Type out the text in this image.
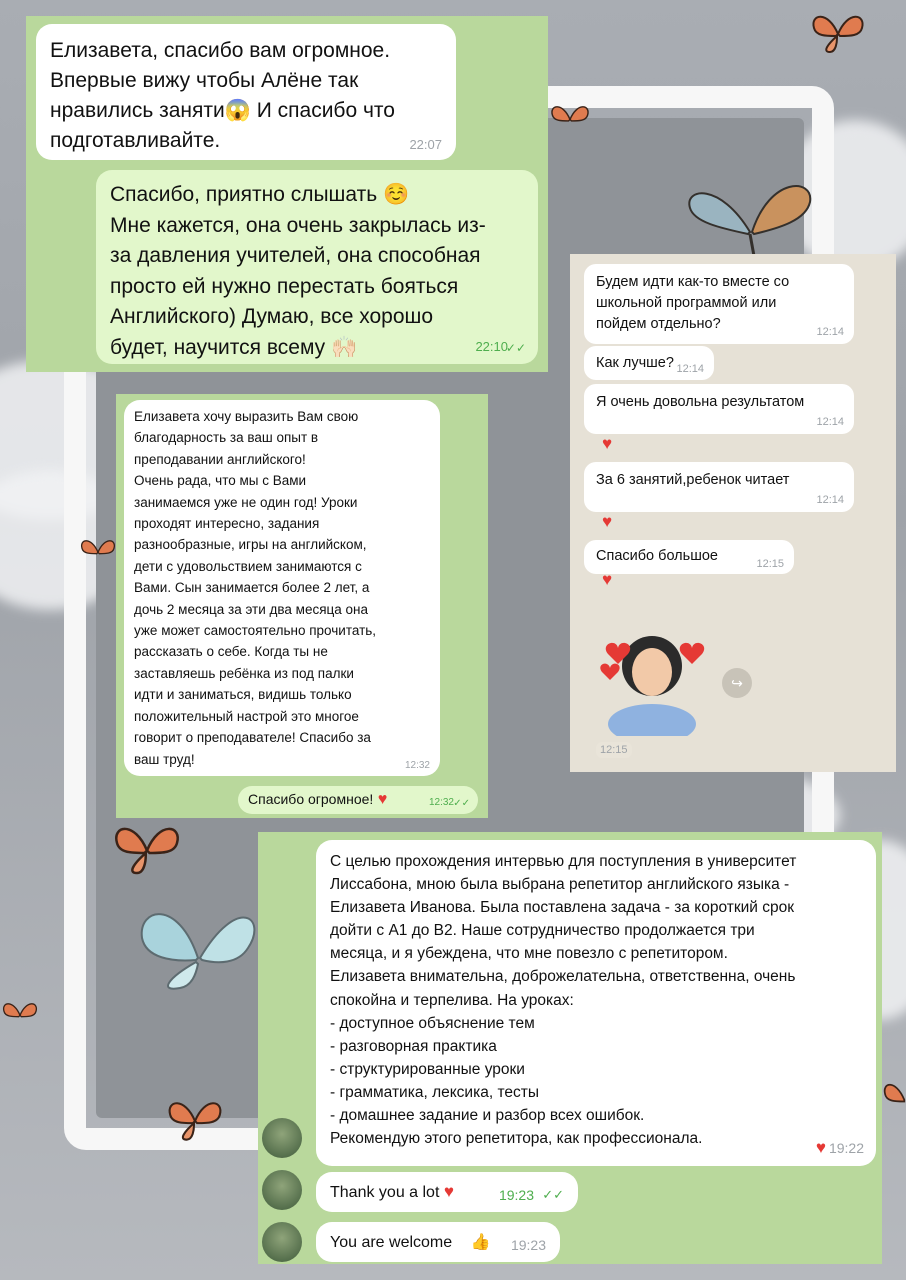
Елизавета, спасибо вам огромное.
Впервые вижу чтобы Алёне так
нравились заняти😱 И спасибо что
подготавливайте.	22:07
Спасибо, приятно слышать ☺️
Мне кажется, она очень закрылась из-
за давления учителей, она способная
просто ей нужно перестать бояться
Английского) Думаю, все хорошо
будет, научится всему 🙌🏻	22:10
✓✓
Елизавета хочу выразить Вам свою
благодарность за ваш опыт в
преподавании английского!
Очень рада, что мы с Вами
занимаемся уже не один год! Уроки
проходят интересно, задания
разнообразные, игры на английском,
дети с удовольствием занимаются с
Вами. Сын занимается более 2 лет, а
дочь 2 месяца за эти два месяца она
уже может самостоятельно прочитать,
рассказать о себе. Когда ты не
заставляешь ребёнка из под палки
идти и заниматься, видишь только
положительный настрой это многое
говорит о преподавателе! Спасибо за
ваш труд!	12:32
Спасибо огромное! ♥	12:32 ✓✓
Будем идти как-то вместе со
школьной программой или
пойдем отдельно?	12:14
Как лучше? 12:14
Я очень довольна результатом
12:14
♥
За 6 занятий,ребенок читает
12:14
♥
Спасибо большое	12:15
♥
↪
12:15
С целью прохождения интервью для поступления в университет
Лиссабона, мною была выбрана репетитор английского языка -
Елизавета Иванова. Была поставлена задача - за короткий срок
дойти с А1 до В2. Наше сотрудничество продолжается три
месяца, и я убеждена, что мне повезло с репетитором.
Елизавета внимательна, доброжелательна, ответственна, очень
спокойна и терпелива. На уроках:
- доступное объяснение тем
- разговорная практика
- структурированные уроки
- грамматика, лексика, тесты
- домашнее задание и разбор всех ошибок.
Рекомендую этого репетитора, как профессионала.	♥ 19:22
Thank you a lot ♥	19:23 ✓✓
You are welcome 👍 19:23
